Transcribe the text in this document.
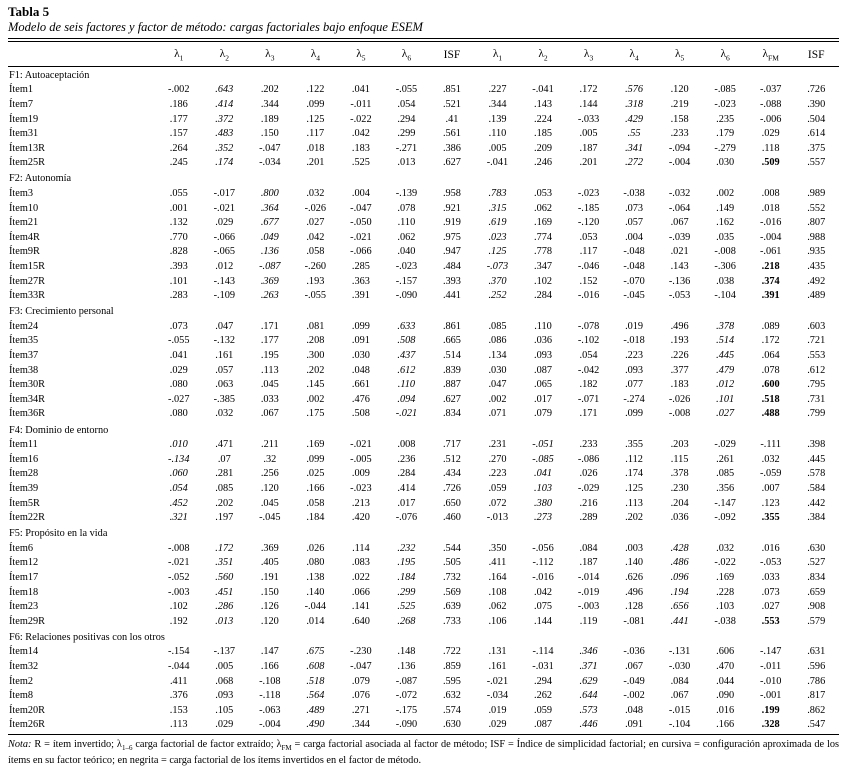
Tabla 5
Modelo de seis factores y factor de método: cargas factoriales bajo enfoque ESEM
	$\lambda_1$	$\lambda_2$	$\lambda_3$	$\lambda_4$	$\lambda_5$	$\lambda_6$	ISF	$\lambda_1$	$\lambda_2$	$\lambda_3$	$\lambda_4$	$\lambda_5$	$\lambda_6$	$\lambda_{FM}$	ISF
F1: Autoaceptación															
Ítem1	-.002	.643	.202	.122	.041	-.055	.851	.227	-.041	.172	.576	.120	-.085	-.037	.726
Ítem7	.186	.414	.344	.099	-.011	.054	.521	.344	.143	.144	.318	.219	-.023	-.088	.390
Ítem19	.177	.372	.189	.125	-.022	.294	.41	.139	.224	-.033	.429	.158	.235	-.006	.504
Ítem31	.157	.483	.150	.117	.042	.299	.561	.110	.185	.005	.55	.233	.179	.029	.614
Ítem13R	.264	.352	-.047	.018	.183	-.271	.386	.005	.209	.187	.341	-.094	-.279	.118	.375
Ítem25R	.245	.174	-.034	.201	.525	.013	.627	-.041	.246	.201	.272	-.004	.030	.509	.557
F2: Autonomía															
Ítem3	.055	-.017	.800	.032	.004	-.139	.958	.783	.053	-.023	-.038	-.032	.002	.008	.989
Ítem10	.001	-.021	.364	-.026	-.047	.078	.921	.315	.062	-.185	.073	-.064	.149	.018	.552
Ítem21	.132	.029	.677	.027	-.050	.110	.919	.619	.169	-.120	.057	.067	.162	-.016	.807
Ítem4R	.770	-.066	.049	.042	-.021	.062	.975	.023	.774	.053	.004	-.039	.035	-.004	.988
Ítem9R	.828	-.065	.136	.058	-.066	.040	.947	.125	.778	.117	-.048	.021	-.008	-.061	.935
Ítem15R	.393	.012	-.087	-.260	.285	-.023	.484	-.073	.347	-.046	-.048	.143	-.306	.218	.435
Ítem27R	.101	-.143	.369	.193	.363	-.157	.393	.370	.102	.152	-.070	-.136	.038	.374	.492
Ítem33R	.283	-.109	.263	-.055	.391	-.090	.441	.252	.284	-.016	-.045	-.053	-.104	.391	.489
F3: Crecimiento personal															
Ítem24	.073	.047	.171	.081	.099	.633	.861	.085	.110	-.078	.019	.496	.378	.089	.603
Ítem35	-.055	-.132	.177	.208	.091	.508	.665	.086	.036	-.102	-.018	.193	.514	.172	.721
Ítem37	.041	.161	.195	.300	.030	.437	.514	.134	.093	.054	.223	.226	.445	.064	.553
Ítem38	.029	.057	.113	.202	.048	.612	.839	.030	.087	-.042	.093	.377	.479	.078	.612
Ítem30R	.080	.063	.045	.145	.661	.110	.887	.047	.065	.182	.077	.183	.012	.600	.795
Ítem34R	-.027	-.385	.033	.002	.476	.094	.627	.002	.017	-.071	-.274	-.026	.101	.518	.731
Ítem36R	.080	.032	.067	.175	.508	-.021	.834	.071	.079	.171	.099	-.008	.027	.488	.799
F4: Dominio de entorno															
Ítem11	.010	.471	.211	.169	-.021	.008	.717	.231	-.051	.233	.355	.203	-.029	-.111	.398
Ítem16	-.134	.07	.32	.099	-.005	.236	.512	.270	-.085	-.086	.112	.115	.261	.032	.445
Ítem28	.060	.281	.256	.025	.009	.284	.434	.223	.041	.026	.174	.378	.085	-.059	.578
Ítem39	.054	.085	.120	.166	-.023	.414	.726	.059	.103	-.029	.125	.230	.356	.007	.584
Ítem5R	.452	.202	.045	.058	.213	.017	.650	.072	.380	.216	.113	.204	-.147	.123	.442
Ítem22R	.321	.197	-.045	.184	.420	-.076	.460	-.013	.273	.289	.202	.036	-.092	.355	.384
F5: Propósito en la vida															
Ítem6	-.008	.172	.369	.026	.114	.232	.544	.350	-.056	.084	.003	.428	.032	.016	.630
Ítem12	-.021	.351	.405	.080	.083	.195	.505	.411	-.112	.187	.140	.486	-.022	-.053	.527
Ítem17	-.052	.560	.191	.138	.022	.184	.732	.164	-.016	-.014	.626	.096	.169	.033	.834
Ítem18	-.003	.451	.150	.140	.066	.299	.569	.108	.042	-.019	.496	.194	.228	.073	.659
Ítem23	.102	.286	.126	-.044	.141	.525	.639	.062	.075	-.003	.128	.656	.103	.027	.908
Ítem29R	.192	.013	.120	.014	.640	.268	.733	.106	.144	.119	-.081	.441	-.038	.553	.579
F6: Relaciones positivas con los otros															
Ítem14	-.154	-.137	.147	.675	-.230	.148	.722	.131	-.114	.346	-.036	-.131	.606	-.147	.631
Ítem32	-.044	.005	.166	.608	-.047	.136	.859	.161	-.031	.371	.067	-.030	.470	-.011	.596
Ítem2	.411	.068	-.108	.518	.079	-.087	.595	-.021	.294	.629	-.049	.084	.044	-.010	.786
Ítem8	.376	.093	-.118	.564	.076	-.072	.632	-.034	.262	.644	-.002	.067	.090	-.001	.817
Ítem20R	.153	.105	-.063	.489	.271	-.175	.574	.019	.059	.573	.048	-.015	.016	.199	.862
Ítem26R	.113	.029	-.004	.490	.344	-.090	.630	.029	.087	.446	.091	-.104	.166	.328	.547
Nota: R = ítem invertido; $\lambda_{1-6}$ carga factorial de factor extraído; $\lambda_{FM}$ = carga factorial asociada al factor de método; ISF = Índice de simplicidad factorial; en cursiva = configuración aproximada de los ítems en su factor teórico; en negrita = carga factorial de los ítems invertidos en el factor de método.
